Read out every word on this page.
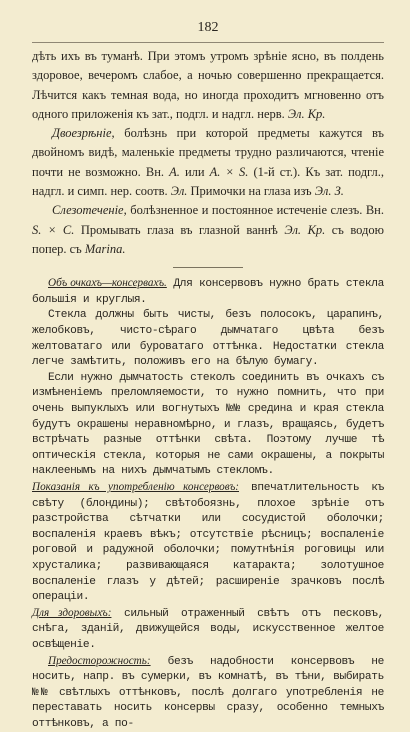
182

дѣть ихъ въ туманѣ. При этомъ утромъ зрѣніе ясно, въ полдень здоровое, вечеромъ слабое, а ночью совершенно прекращается. Лѣчится какъ темная вода, но иногда проходитъ мгновенно отъ одного приложенія къ зат., подгл. и надгл. нерв. Эл. Кр.

Двоезрѣніе, болѣзнь при которой предметы кажутся въ двойномъ видѣ, маленькіе предметы трудно различаются, чтеніе почти не возможно. Вн. A. или A. × S. (1-й ст.). Къ зат. подгл., надгл. и симп. нер. соотв. Эл. Примочки на глаза изъ Эл. З.

Слезотеченіе, болѣзненное и постоянное истеченіе слезъ. Вн. S. × C. Промывать глаза въ глазной ваннѣ Эл. Кр. съ водою попер. съ Marina.

Объ очкахъ—консервахъ. Для консервовъ нужно брать стекла большія и круглыя.

Стекла должны быть чисты, безъ полосокъ, царапинъ, желобковъ, чисто-сѣраго дымчатаго цвѣта безъ желтоватаго или буроватаго оттѣнка. Недостатки стекла легче замѣтить, положивъ его на бѣлую бумагу.

Если нужно дымчатость стеколъ соединить въ очкахъ съ измѣненіемъ преломляемости, то нужно помнить, что при очень выпуклыхъ или вогнутыхъ №№ средина и края стекла будутъ окрашены неравномѣрно, и глазъ, вращаясь, будетъ встрѣчать разные оттѣнки свѣта. Поэтому лучше тѣ оптическія стекла, которыя не сами окрашены, а покрыты наклеенымъ на нихъ дымчатымъ стекломъ.

Показанія къ употребленію консервовъ: впечатлительность къ свѣту (блондины); свѣтобоязнь, плохое зрѣніе отъ разстройства сѣтчатки или сосудистой оболочки; воспаленія краевъ вѣкъ; отсутствіе рѣсницъ; воспаленіе роговой и радужной оболочки; помутнѣнія роговицы или хрусталика; развивающаяся катаракта; золотушное воспаленіе глазъ у дѣтей; расширеніе зрачковъ послѣ операціи.

Для здоровыхъ: сильный отраженный свѣтъ отъ песковъ, снѣга, зданій, движущейся воды, искусственное желтое освѣщеніе.

Предосторожность: безъ надобности консервовъ не носить, напр. въ сумерки, въ комнатѣ, въ тѣни, выбирать №№ свѣтлыхъ оттѣнковъ, послѣ долгаго употребленія не переставать носить консервы сразу, особенно темныхъ оттѣнковъ, а по-
